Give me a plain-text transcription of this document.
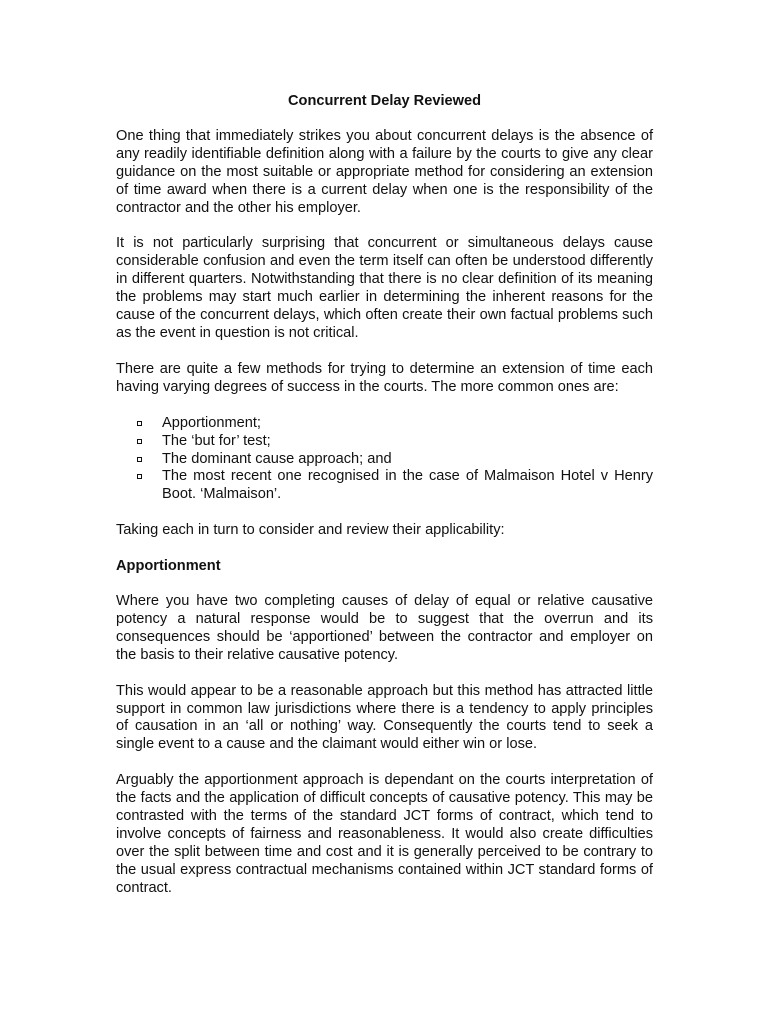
Concurrent Delay Reviewed

One thing that immediately strikes you about concurrent delays is the absence of any readily identifiable definition along with a failure by the courts to give any clear guidance on the most suitable or appropriate method for considering an extension of time award when there is a current delay when one is the responsibility of the contractor and the other his employer.

It is not particularly surprising that concurrent or simultaneous delays cause considerable confusion and even the term itself can often be understood differently in different quarters. Notwithstanding that there is no clear definition of its meaning the problems may start much earlier in determining the inherent reasons for the cause of the concurrent delays, which often create their own factual problems such as the event in question is not critical.

There are quite a few methods for trying to determine an extension of time each having varying degrees of success in the courts. The more common ones are:

Apportionment;
The ‘but for’ test;
The dominant cause approach; and
The most recent one recognised in the case of Malmaison Hotel v Henry Boot. ‘Malmaison’.

Taking each in turn to consider and review their applicability:

Apportionment

Where you have two completing causes of delay of equal or relative causative potency a natural response would be to suggest that the overrun and its consequences should be ‘apportioned’ between the contractor and employer on the basis to their relative causative potency.

This would appear to be a reasonable approach but this method has attracted little support in common law jurisdictions where there is a tendency to apply principles of causation in an ‘all or nothing’ way. Consequently the courts tend to seek a single event to a cause and the claimant would either win or lose.

Arguably the apportionment approach is dependant on the courts interpretation of the facts and the application of difficult concepts of causative potency. This may be contrasted with the terms of the standard JCT forms of contract, which tend to involve concepts of fairness and reasonableness. It would also create difficulties over the split between time and cost and it is generally perceived to be contrary to the usual express contractual mechanisms contained within JCT standard forms of contract.
